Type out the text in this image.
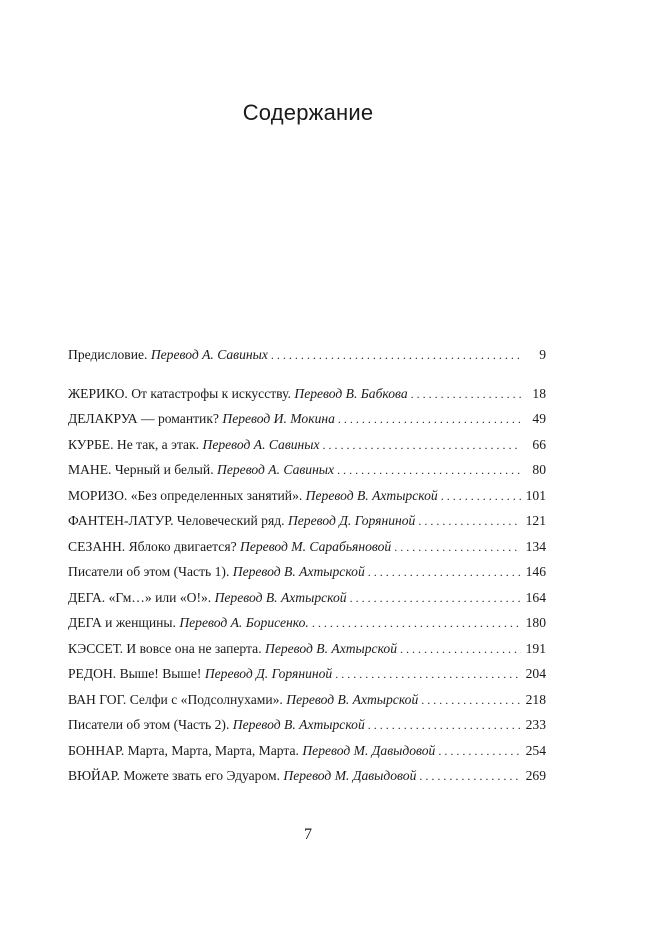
Содержание
Предисловие. Перевод А. Савиных . . .	9
ЖЕРИКО. От катастрофы к искусству. Перевод В. Бабкова . . .	18
ДЕЛАКРУА — романтик? Перевод И. Мокина . . .	49
КУРБЕ. Не так, а этак. Перевод А. Савиных . . .	66
МАНЕ. Черный и белый. Перевод А. Савиных . . .	80
МОРИЗО. «Без определенных занятий». Перевод В. Ахтырской . . .	101
ФАНТЕН-ЛАТУР. Человеческий ряд. Перевод Д. Горяниной . . .	121
СЕЗАНН. Яблоко двигается? Перевод М. Сарабьяновой . . .	134
Писатели об этом (Часть 1). Перевод В. Ахтырской . . .	146
ДЕГА. «Гм…» или «О!». Перевод В. Ахтырской . . .	164
ДЕГА и женщины. Перевод А. Борисенко. . . .	180
КЭССЕТ. И вовсе она не заперта. Перевод В. Ахтырской . . .	191
РЕДОН. Выше! Выше! Перевод Д. Горяниной . . .	204
ВАН ГОГ. Селфи с «Подсолнухами». Перевод В. Ахтырской . . .	218
Писатели об этом (Часть 2). Перевод В. Ахтырской . . .	233
БОННАР. Марта, Марта, Марта, Марта. Перевод М. Давыдовой . . .	254
ВЮЙАР. Можете звать его Эдуаром. Перевод М. Давыдовой . . .	269
7
